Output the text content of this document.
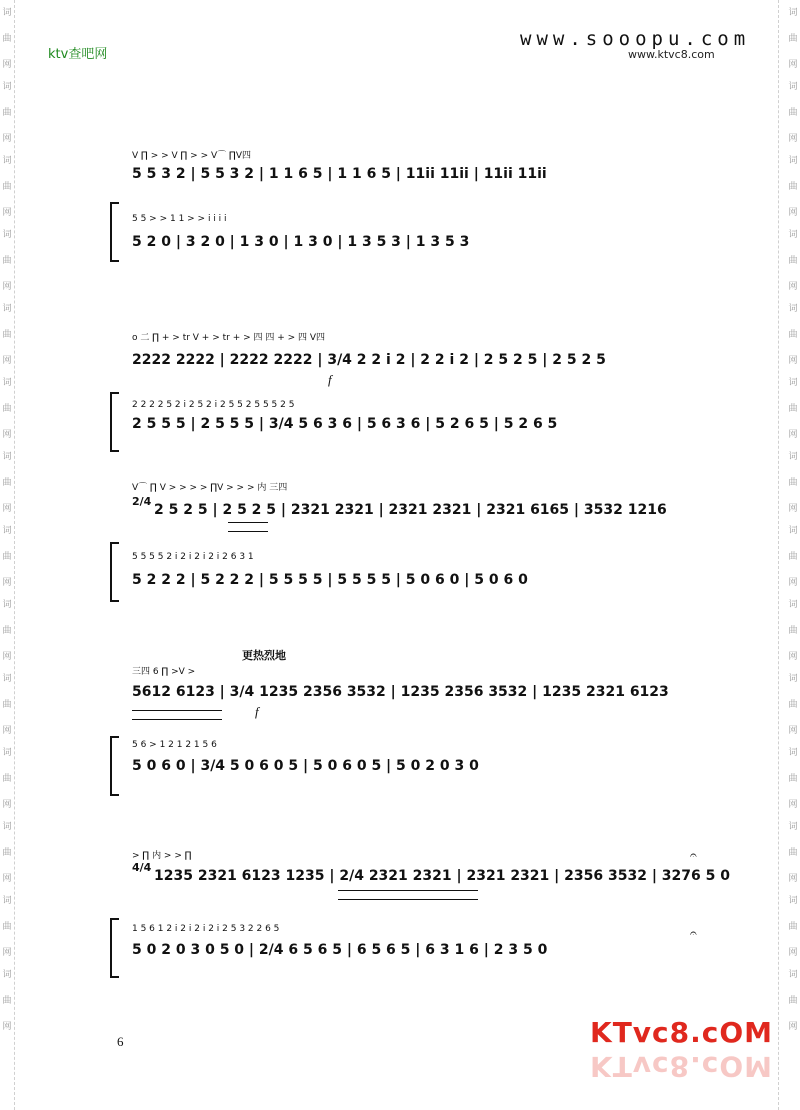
词
曲
网
词
曲
网
词
曲
网
词
曲
网
词
曲
网
词
曲
网
词
曲
网
词
曲
网
词
曲
网
词
曲
网
词
曲
网
词
曲
网
词
曲
网
词
曲
网
词
曲
网
词
曲
网
词
曲
网
词
曲
网
词
曲
网
词
曲
网
词
曲
网
词
曲
网
词
曲
网
词
曲
网
词
曲
网
词
曲
网
词
曲
网
词
曲
网
ktv查吧网
www.sooopu.com
www.ktvc8.com
V ∏ > > V ∏ > > V⌒ ∏V四
5 5 3 2 | 5 5 3 2 | 1 1 6 5 | 1 1 6 5 | 11ii 11ii | 11ii 11ii
5 5 > > 1 1 > > i i i i
5 2 0 | 3 2 0 | 1 3 0 | 1 3 0 | 1 3 5 3 | 1 3 5 3
o 二 ∏ + > tr V + > tr + > 四 四 + > 四 V四
2222 2222 | 2222 2222 | 3/4 2 2 i 2 | 2 2 i 2 | 2 5 2 5 | 2 5 2 5
f
2 2 2 2 5 2 i 2 5 2 i 2 5 5 2 5 5 5 2 5
2 5 5 5 | 2 5 5 5 | 3/4 5 6 3 6 | 5 6 3 6 | 5 2 6 5 | 5 2 6 5
V⌒ ∏ V > > > > ∏V > > > 内 三四
2/4
2 5 2 5 | 2 5 2 5 | 2321 2321 | 2321 2321 | 2321 6165 | 3532 1216
5 5 5 5 2 i 2 i 2 i 2 i 2 6 3 1
5 2 2 2 | 5 2 2 2 | 5 5 5 5 | 5 5 5 5 | 5 0 6 0 | 5 0 6 0
更热烈地
三四 6 ∏ >V >
5612 6123 | 3/4 1235 2356 3532 | 1235 2356 3532 | 1235 2321 6123
f
5 6 > 1 2 1 2 1 5 6
5 0 6 0 | 3/4 5 0 6 0 5 | 5 0 6 0 5 | 5 0 2 0 3 0
> ∏ 内 > > ∏
4/4
1235 2321 6123 1235 | 2/4 2321 2321 | 2321 2321 | 2356 3532 | 3276 5 0
𝄐
1 5 6 1 2 i 2 i 2 i 2 i 2 5 3 2 2 6 5
5 0 2 0 3 0 5 0 | 2/4 6 5 6 5 | 6 5 6 5 | 6 3 1 6 | 2 3 5 0
𝄐
6	KTvc8.cOM
KTvc8.cOM
